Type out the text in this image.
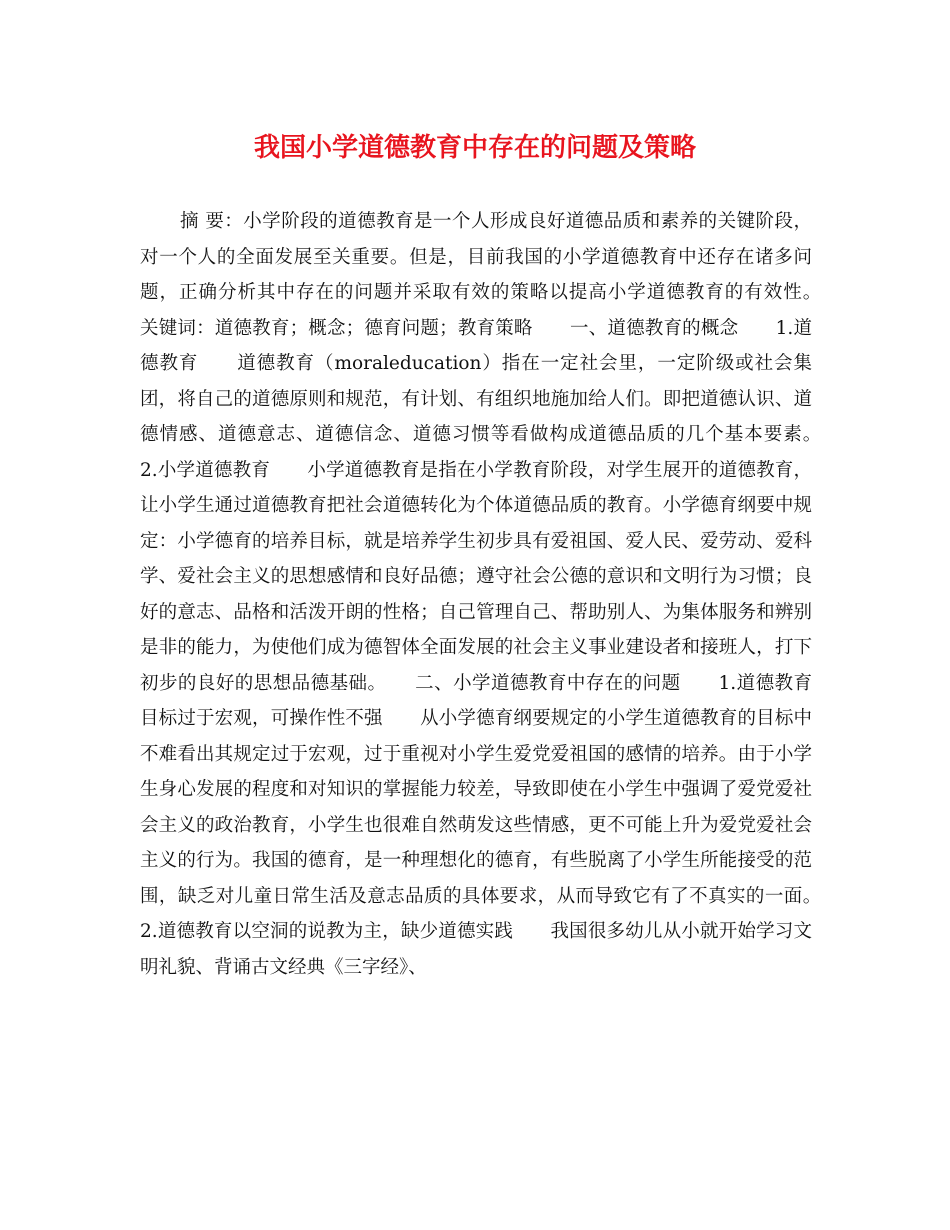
我国小学道德教育中存在的问题及策略

摘 要：小学阶段的道德教育是一个人形成良好道德品质和素养的关键阶段，对一个人的全面发展至关重要。但是，目前我国的小学道德教育中还存在诸多问题，正确分析其中存在的问题并采取有效的策略以提高小学道德教育的有效性。　　关键词：道德教育；概念；德育问题；教育策略　　一、道德教育的概念　　1.道德教育　　道德教育（moraleducation）指在一定社会里，一定阶级或社会集团，将自己的道德原则和规范，有计划、有组织地施加给人们。即把道德认识、道德情感、道德意志、道德信念、道德习惯等看做构成道德品质的几个基本要素。　　2.小学道德教育　　小学道德教育是指在小学教育阶段，对学生展开的道德教育，让小学生通过道德教育把社会道德转化为个体道德品质的教育。小学德育纲要中规定：小学德育的培养目标，就是培养学生初步具有爱祖国、爱人民、爱劳动、爱科学、爱社会主义的思想感情和良好品德；遵守社会公德的意识和文明行为习惯；良好的意志、品格和活泼开朗的性格；自己管理自己、帮助别人、为集体服务和辨别是非的能力，为使他们成为德智体全面发展的社会主义事业建设者和接班人，打下初步的良好的思想品德基础。　　二、小学道德教育中存在的问题　　1.道德教育目标过于宏观，可操作性不强　　从小学德育纲要规定的小学生道德教育的目标中不难看出其规定过于宏观，过于重视对小学生爱党爱祖国的感情的培养。由于小学生身心发展的程度和对知识的掌握能力较差，导致即使在小学生中强调了爱党爱社会主义的政治教育，小学生也很难自然萌发这些情感，更不可能上升为爱党爱社会主义的行为。我国的德育，是一种理想化的德育，有些脱离了小学生所能接受的范围，缺乏对儿童日常生活及意志品质的具体要求，从而导致它有了不真实的一面。　　2.道德教育以空洞的说教为主，缺少道德实践　　我国很多幼儿从小就开始学习文明礼貌、背诵古文经典《三字经》、
